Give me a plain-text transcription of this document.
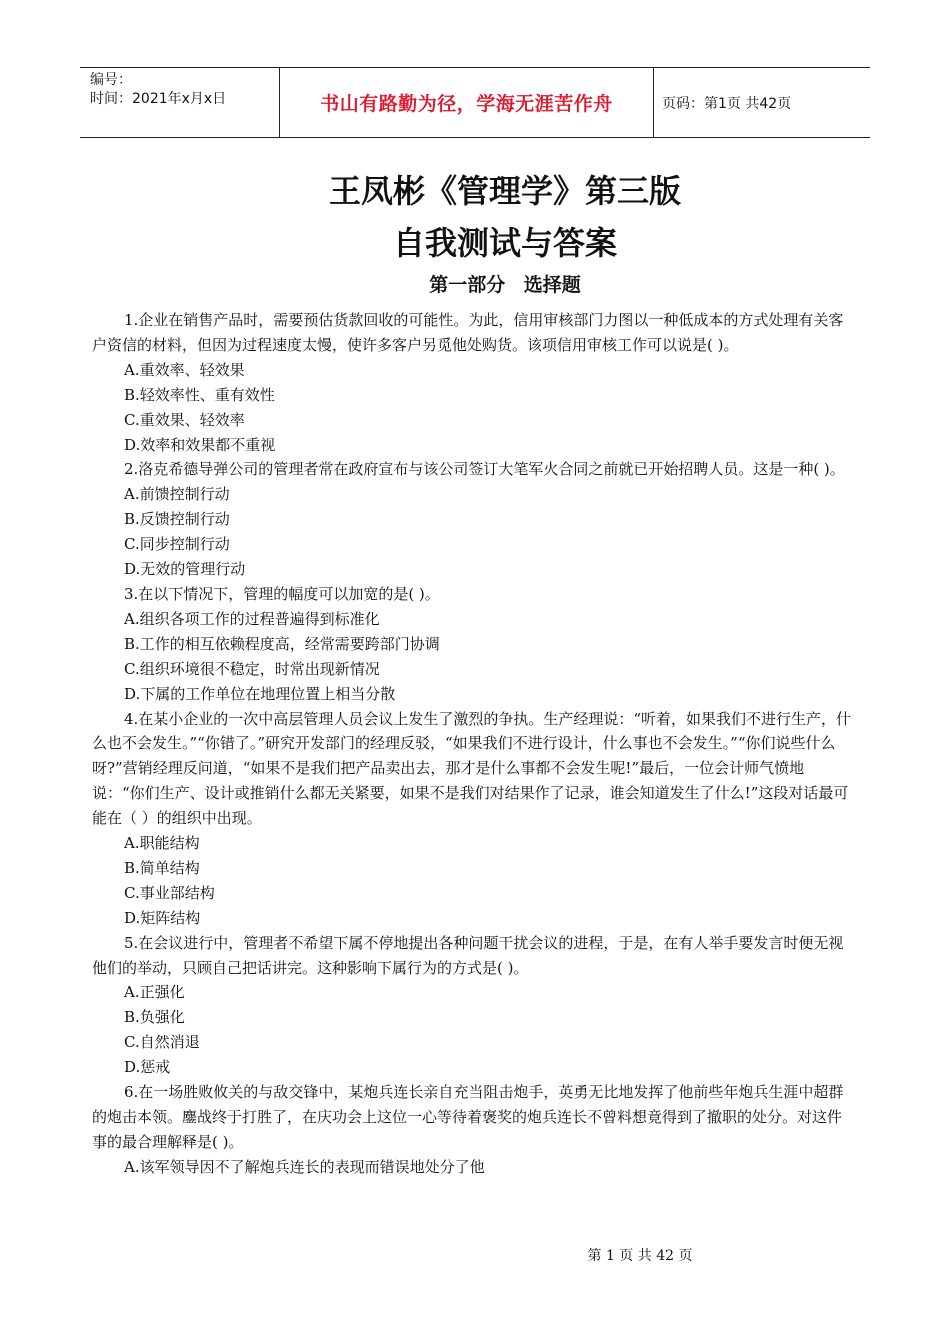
编号：
时间：2021年x月x日	书山有路勤为径，学海无涯苦作舟	页码：第1页 共42页
王凤彬《管理学》第三版
自我测试与答案
第一部分 选择题
1.企业在销售产品时，需要预估货款回收的可能性。为此，信用审核部门力图以一种低成本的方式处理有关客户资信的材料，但因为过程速度太慢，使许多客户另觅他处购货。该项信用审核工作可以说是( )。
A.重效率、轻效果
B.轻效率性、重有效性
C.重效果、轻效率
D.效率和效果都不重视
2.洛克希德导弹公司的管理者常在政府宣布与该公司签订大笔军火合同之前就已开始招聘人员。这是一种( )。
A.前馈控制行动
B.反馈控制行动
C.同步控制行动
D.无效的管理行动
3.在以下情况下，管理的幅度可以加宽的是( )。
A.组织各项工作的过程普遍得到标准化
B.工作的相互依赖程度高，经常需要跨部门协调
C.组织环境很不稳定，时常出现新情况
D.下属的工作单位在地理位置上相当分散
4.在某小企业的一次中高层管理人员会议上发生了激烈的争执。生产经理说：“听着，如果我们不进行生产，什么也不会发生。”“你错了。”研究开发部门的经理反驳，“如果我们不进行设计，什么事也不会发生。”“你们说些什么呀?”营销经理反问道，“如果不是我们把产品卖出去，那才是什么事都不会发生呢!”最后，一位会计师气愤地说：“你们生产、设计或推销什么都无关紧要，如果不是我们对结果作了记录，谁会知道发生了什么!”这段对话最可能在（ ）的组织中出现。
A.职能结构
B.简单结构
C.事业部结构
D.矩阵结构
5.在会议进行中，管理者不希望下属不停地提出各种问题干扰会议的进程，于是，在有人举手要发言时便无视他们的举动，只顾自己把话讲完。这种影响下属行为的方式是( )。
A.正强化
B.负强化
C.自然消退
D.惩戒
6.在一场胜败攸关的与敌交锋中，某炮兵连长亲自充当阻击炮手，英勇无比地发挥了他前些年炮兵生涯中超群的炮击本领。鏖战终于打胜了，在庆功会上这位一心等待着褒奖的炮兵连长不曾料想竟得到了撤职的处分。对这件事的最合理解释是( )。
A.该军领导因不了解炮兵连长的表现而错误地处分了他
第 1 页 共 42 页
